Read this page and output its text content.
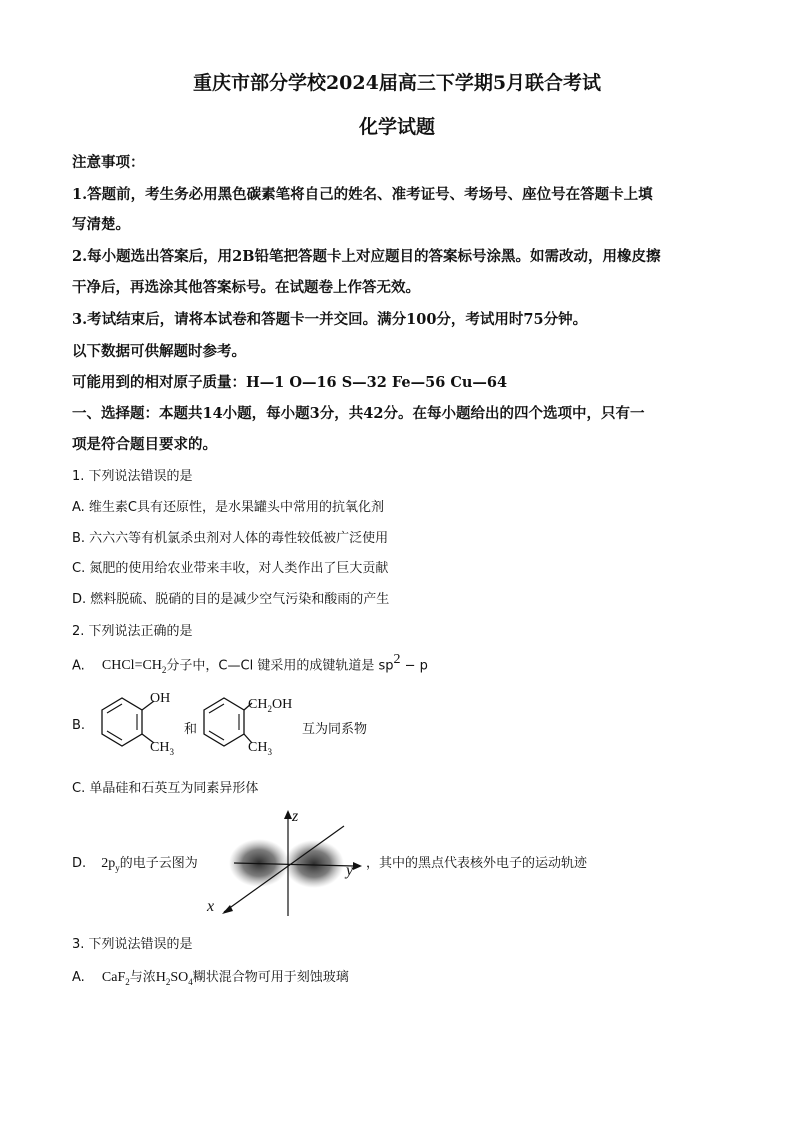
重庆市部分学校2024届高三下学期5月联合考试
化学试题
注意事项：
1.答题前，考生务必用黑色碳素笔将自己的姓名、准考证号、考场号、座位号在答题卡上填
写清楚。
2.每小题选出答案后，用2B铅笔把答题卡上对应题目的答案标号涂黑。如需改动，用橡皮擦
干净后，再选涂其他答案标号。在试题卷上作答无效。
3.考试结束后，请将本试卷和答题卡一并交回。满分100分，考试用时75分钟。
以下数据可供解题时参考。
可能用到的相对原子质量：H—1 O—16 S—32 Fe—56 Cu—64
一、选择题：本题共14小题，每小题3分，共42分。在每小题给出的四个选项中，只有一
项是符合题目要求的。
1. 下列说法错误的是
A. 维生素C具有还原性，是水果罐头中常用的抗氧化剂
B. 六六六等有机氯杀虫剂对人体的毒性较低被广泛使用
C. 氮肥的使用给农业带来丰收，对人类作出了巨大贡献
D. 燃料脱硫、脱硝的目的是减少空气污染和酸雨的产生
2. 下列说法正确的是
A. $CHCl=CH_2$分子中，C—Cl 键采用的成键轨道是 $sp^2 - p$
B.
OH
$CH_3$
和
$CH_2OH$
$CH_3$
互为同系物
C. 单晶硅和石英互为同素异形体
D. $2p_y$的电子云图为
z
y
x
，其中的黑点代表核外电子的运动轨迹
3. 下列说法错误的是
A. CaF$_2$与浓$H_2SO_4$糊状混合物可用于刻蚀玻璃
